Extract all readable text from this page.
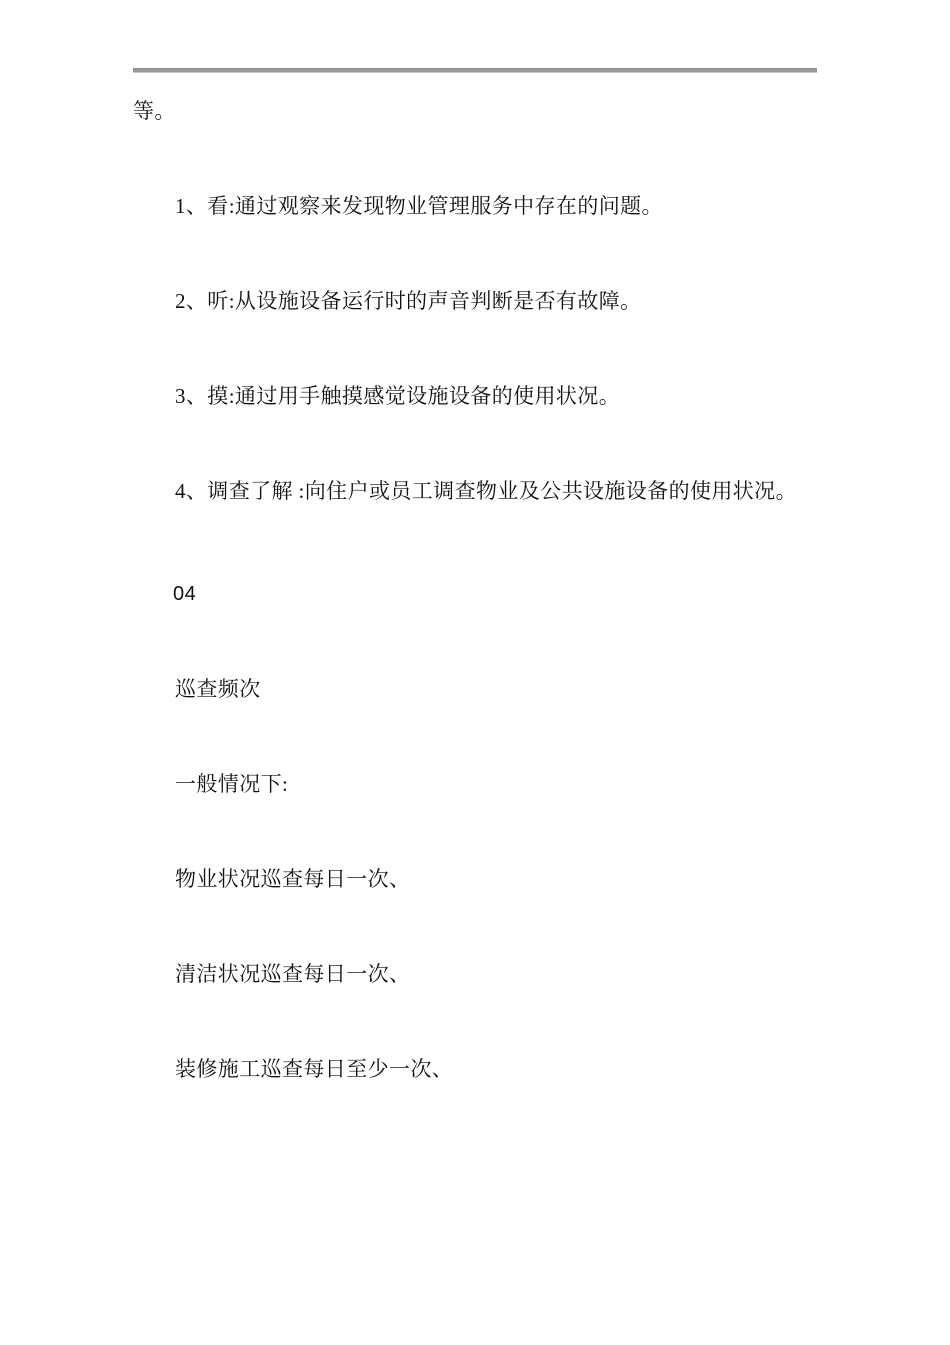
等。

1、看:通过观察来发现物业管理服务中存在的问题。

2、听:从设施设备运行时的声音判断是否有故障。

3、摸:通过用手触摸感觉设施设备的使用状况。

4、调查了解 :向住户或员工调查物业及公共设施设备的使用状况。

04

巡查频次

一般情况下:

物业状况巡查每日一次、

清洁状况巡查每日一次、

装修施工巡查每日至少一次、
